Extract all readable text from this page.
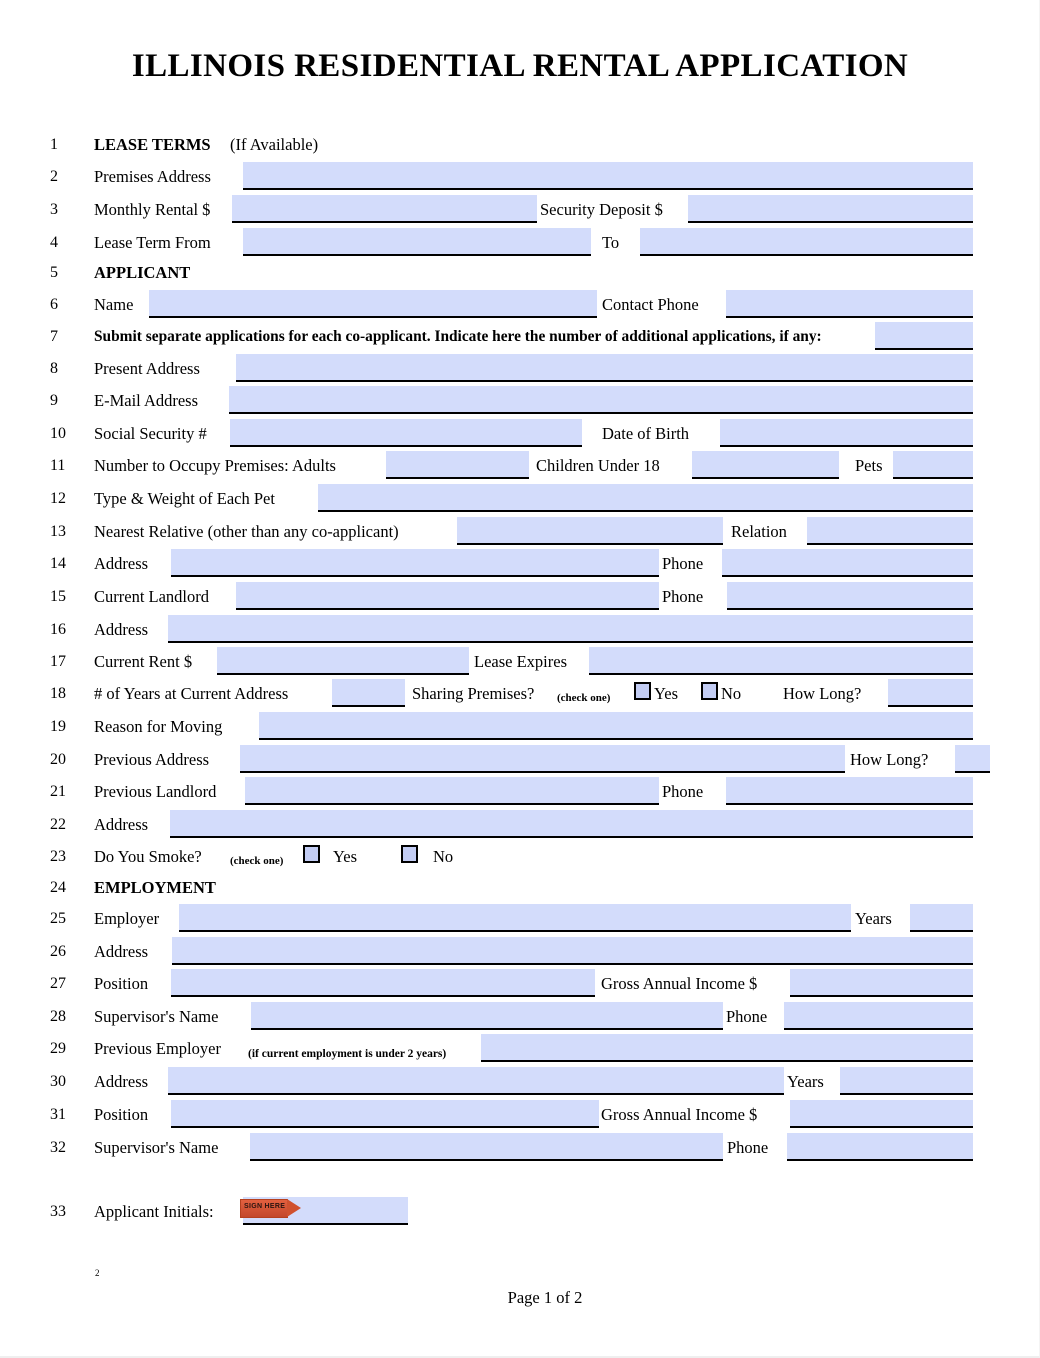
ILLINOIS RESIDENTIAL RENTAL APPLICATION
1	LEASE TERMS (If Available)
2	Premises Address
3	Monthly Rental $	Security Deposit $
4	Lease Term From	To
5	APPLICANT
6	Name	Contact Phone
7	Submit separate applications for each co-applicant. Indicate here the number of additional applications, if any:
8	Present Address
9	E-Mail Address
10	Social Security #	Date of Birth
11	Number to Occupy Premises: Adults	Children Under 18	Pets
12	Type & Weight of Each Pet
13	Nearest Relative (other than any co-applicant)	Relation
14	Address	Phone
15	Current Landlord	Phone
16	Address
17	Current Rent $	Lease Expires
18	# of Years at Current Address	Sharing Premises? (check one)	Yes	No	How Long?
19	Reason for Moving
20	Previous Address	How Long?
21	Previous Landlord	Phone
22	Address
23	Do You Smoke?	(check one)	Yes	No
24	EMPLOYMENT
25	Employer	Years
26	Address
27	Position	Gross Annual Income $
28	Supervisor's Name	Phone
29	Previous Employer (if current employment is under 2 years)
30	Address	Years
31	Position	Gross Annual Income $
32	Supervisor's Name	Phone
33	Applicant Initials:	SIGN HERE
2
Page 1 of 2
